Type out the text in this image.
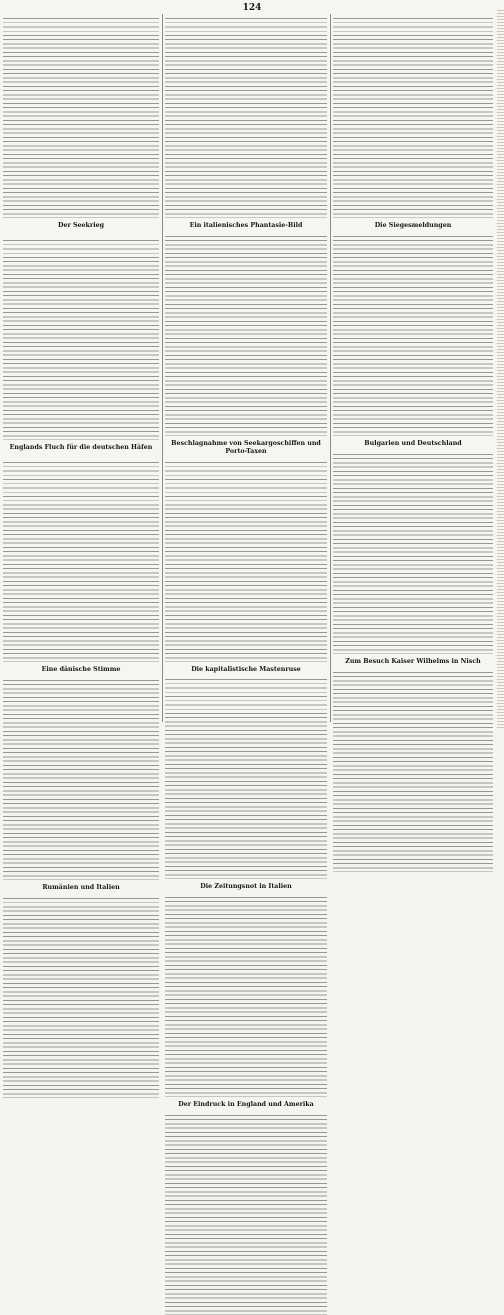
124

Der Seekrieg

Englands Fluch für die deutschen Häfen

Eine dänische Stimme

Rumänien und Italien

Ein italienisches Phantasie-Bild

Beschlagnahme von Seekargoschiffen und Porto-Taxen

Die kapitalistische Mastenruse

Die Zeitungsnot in Italien

Der Eindruck in England und Amerika

Die Siegesmeldungen

Bulgarien und Deutschland

Zum Besuch Kaiser Wilhelms in Nisch
